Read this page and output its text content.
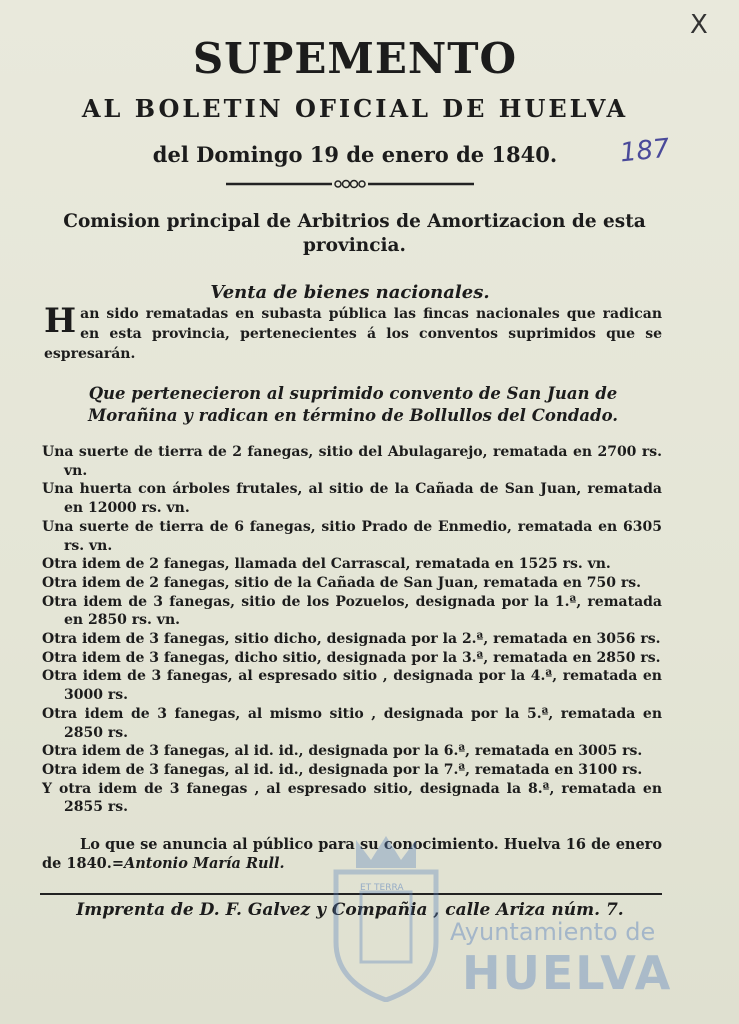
X
187
SUPEMENTO
AL BOLETIN OFICIAL DE HUELVA
del Domingo 19 de enero de 1840.
Comision principal de Arbitrios de Amortizacion de esta provincia.
Venta de bienes nacionales.
Han sido rematadas en subasta pública las fincas nacionales que radican en esta provincia, pertenecientes á los conventos suprimidos que se espresarán.
Que pertenecieron al suprimido convento de San Juan de Morañina y radican en término de Bollullos del Condado.

Una suerte de tierra de 2 fanegas, sitio del Abulagarejo, rematada en 2700 rs. vn.

Una huerta con árboles frutales, al sitio de la Cañada de San Juan, rematada en 12000 rs. vn.

Una suerte de tierra de 6 fanegas, sitio Prado de Enmedio, rematada en 6305 rs. vn.

Otra idem de 2 fanegas, llamada del Carrascal, rematada en 1525 rs. vn.

Otra idem de 2 fanegas, sitio de la Cañada de San Juan, rematada en 750 rs.

Otra idem de 3 fanegas, sitio de los Pozuelos, designada por la 1.ª, rematada en 2850 rs. vn.

Otra idem de 3 fanegas, sitio dicho, designada por la 2.ª, rematada en 3056 rs.

Otra idem de 3 fanegas, dicho sitio, designada por la 3.ª, rematada en 2850 rs.

Otra idem de 3 fanegas, al espresado sitio , designada por la 4.ª, rematada en 3000 rs.

Otra idem de 3 fanegas, al mismo sitio , designada por la 5.ª, rematada en 2850 rs.

Otra idem de 3 fanegas, al id. id., designada por la 6.ª, rematada en 3005 rs.

Otra idem de 3 fanegas, al id. id., designada por la 7.ª, rematada en 3100 rs.

Y otra idem de 3 fanegas , al espresado sitio, designada la 8.ª, rematada en 2855 rs.

Lo que se anuncia al público para su conocimiento. Huelva 16 de enero de 1840.=Antonio María Rull.
Imprenta de D. F. Galvez y Compañia , calle Ariza núm. 7.
ET TERRA
Ayuntamiento de
HUELVA
